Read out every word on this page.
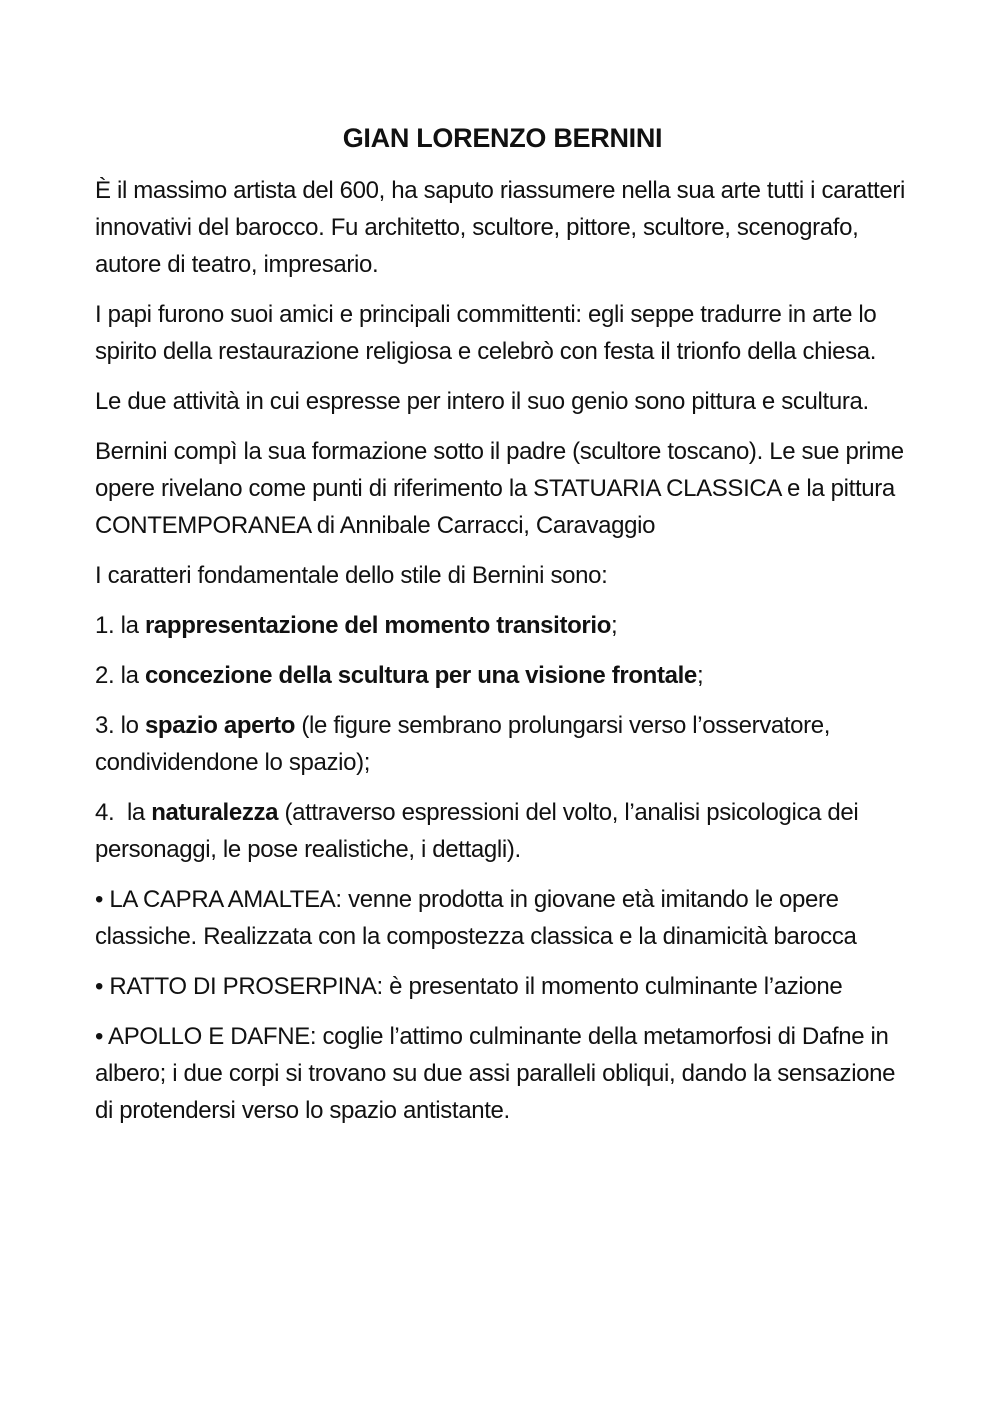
GIAN LORENZO BERNINI

È il massimo artista del 600, ha saputo riassumere nella sua arte tutti i caratteri innovativi del barocco. Fu architetto, scultore, pittore, scultore, scenografo, autore di teatro, impresario.

I papi furono suoi amici e principali committenti: egli seppe tradurre in arte lo spirito della restaurazione religiosa e celebrò con festa il trionfo della chiesa.

Le due attività in cui espresse per intero il suo genio sono pittura e scultura.

Bernini compì la sua formazione sotto il padre (scultore toscano). Le sue prime opere rivelano come punti di riferimento la STATUARIA CLASSICA e la pittura CONTEMPORANEA di Annibale Carracci, Caravaggio

I caratteri fondamentale dello stile di Bernini sono:

1. la rappresentazione del momento transitorio;

2. la concezione della scultura per una visione frontale;

3. lo spazio aperto (le figure sembrano prolungarsi verso l’osservatore, condividendone lo spazio);

4.  la naturalezza (attraverso espressioni del volto, l’analisi psicologica dei personaggi, le pose realistiche, i dettagli).

• LA CAPRA AMALTEA: venne prodotta in giovane età imitando le opere classiche. Realizzata con la compostezza classica e la dinamicità barocca

• RATTO DI PROSERPINA: è presentato il momento culminante l’azione

• APOLLO E DAFNE: coglie l’attimo culminante della metamorfosi di Dafne in albero; i due corpi si trovano su due assi paralleli obliqui, dando la sensazione di protendersi verso lo spazio antistante.
